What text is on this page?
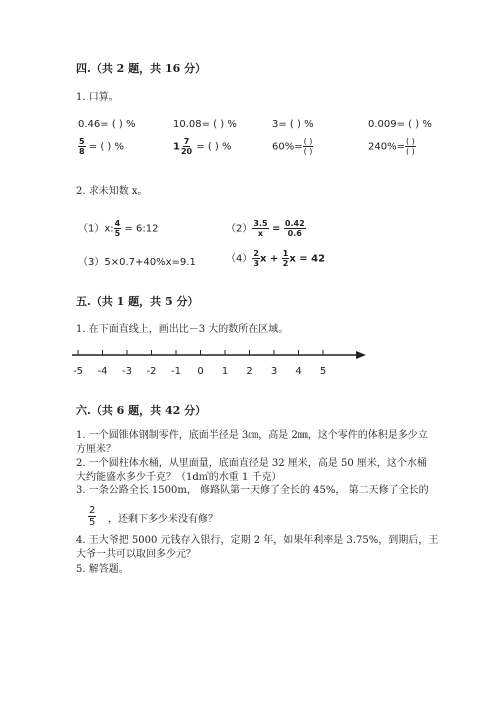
四.（共 2 题，共 16 分）
1. 口算。
0.46= ( ) %	10.08= ( ) %	3= ( ) %	0.009= ( ) %
$\frac{5}{8}$ = ( ) %	$1 \frac{7}{20}$ = ( ) %	$60\%= \frac{( )}{( )}$	$240\%= \frac{( )}{( )}$
2. 求未知数 x。
（1）x: $\frac{4}{5}$ = 6:12	$(2) \frac{3.5}{x} = \frac{0.42}{0.6}$
（3）5×0.7+40%x=9.1	$(4) \frac{2}{3}$ $x + \frac{1}{2}$ x = 42
五.（共 1 题，共 5 分）
1. 在下面直线上，画出比－3 大的数所在区域。
-5 -4 -3 -2 -1 0 1 2 3 4 5
六.（共 6 题，共 42 分）
1. 一个圆锥体钢制零件，底面半径是 3㎝，高是 2㎜，这个零件的体积是多少立
方厘米？
2. 一个圆柱体水桶，从里面量，底面直径是 32 厘米，高是 50 厘米，这个水桶
大约能盛水多少千克？（1d㎥的水重 1 千克）
3. 一条公路全长 1500m， 修路队第一天修了全长的 45%， 第二天修了全长的
$\frac{2}{5}$ ，还剩下多少米没有修？
4. 王大爷把 5000 元钱存入银行，定期 2 年，如果年利率是 3.75%，到期后，王
大爷一共可以取回多少元？
5. 解答题。
